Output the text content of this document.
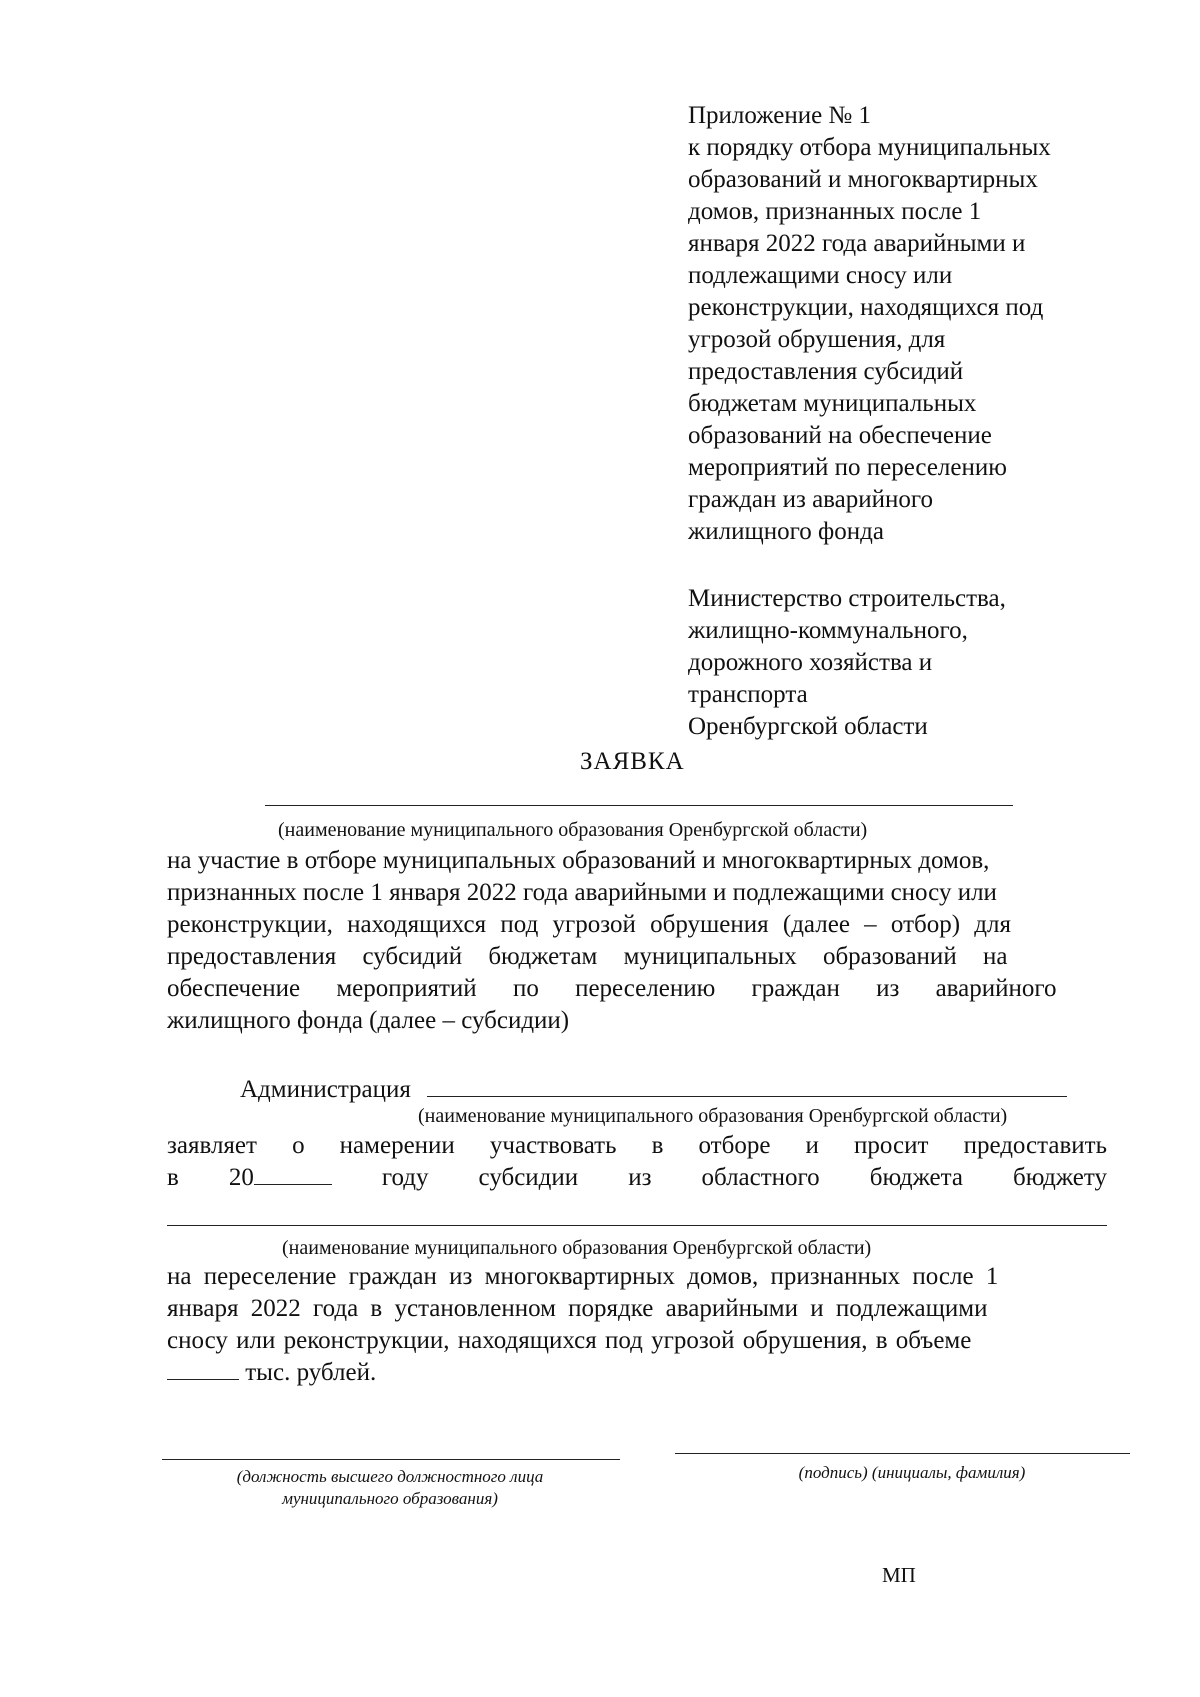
Приложение № 1
к порядку отбора муниципальных
образований и многоквартирных
домов, признанных после 1
января 2022 года аварийными и
подлежащими сносу или
реконструкции, находящихся под
угрозой обрушения, для
предоставления субсидий
бюджетам муниципальных
образований на обеспечение
мероприятий по переселению
граждан из аварийного
жилищного фонда
Министерство строительства,
жилищно-коммунального,
дорожного хозяйства и
транспорта
Оренбургской области
ЗАЯВКА
(наименование муниципального образования Оренбургской области)
на участие в отборе муниципальных образований и многоквартирных домов,
признанных после 1 января 2022 года аварийными и подлежащими сносу или
реконструкции, находящихся под угрозой обрушения (далее – отбор) для
предоставления субсидий бюджетам муниципальных образований на
обеспечение мероприятий по переселению граждан из аварийного
жилищного фонда (далее – субсидии)
Администрация
(наименование муниципального образования Оренбургской области)
заявляет о намерении участвовать в отборе и просит предоставить
в 20	году субсидии из областного бюджета бюджету
(наименование муниципального образования Оренбургской области)
на переселение граждан из многоквартирных домов, признанных после 1
января 2022 года в установленном порядке аварийными и подлежащими
сносу или реконструкции, находящихся под угрозой обрушения, в объеме
тыс. рублей.
(должность высшего должностного лица
муниципального образования)
(подпись) (инициалы, фамилия)
МП
